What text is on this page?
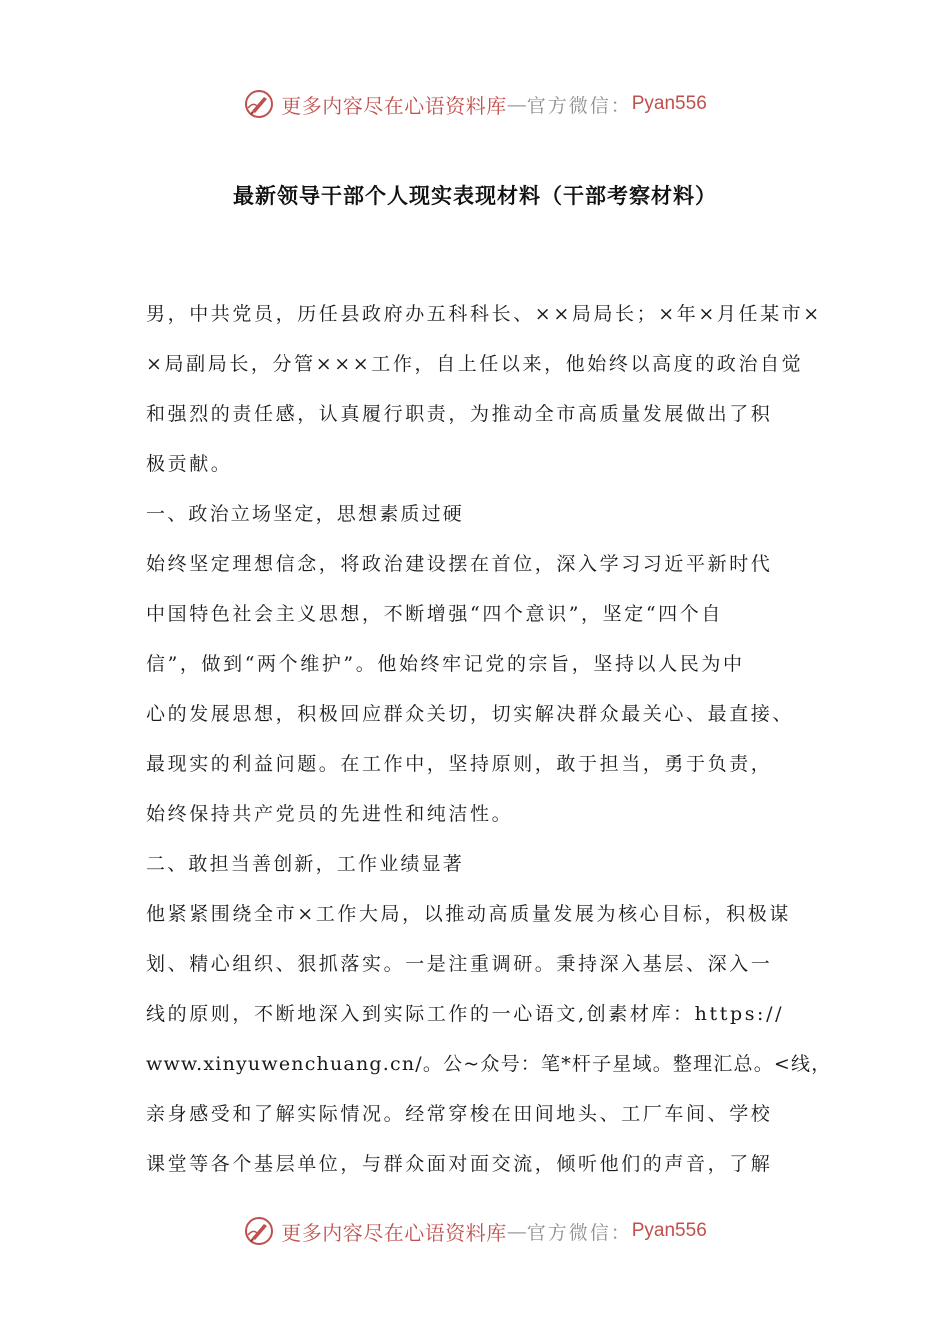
更多内容尽在心语资料库 — 官方微信： Pyan556
最新领导干部个人现实表现材料（干部考察材料）
男，中共党员，历任县政府办五科科长、××局局长；×年×月任某市×
×局副局长，分管×××工作，自上任以来，他始终以高度的政治自觉
和强烈的责任感，认真履行职责，为推动全市高质量发展做出了积
极贡献。
一、政治立场坚定，思想素质过硬
始终坚定理想信念，将政治建设摆在首位，深入学习习近平新时代
中国特色社会主义思想，不断增强“四个意识”，坚定“四个自
信”，做到“两个维护”。他始终牢记党的宗旨，坚持以人民为中
心的发展思想，积极回应群众关切，切实解决群众最关心、最直接、
最现实的利益问题。在工作中，坚持原则，敢于担当，勇于负责，
始终保持共产党员的先进性和纯洁性。
二、敢担当善创新，工作业绩显著
他紧紧围绕全市×工作大局，以推动高质量发展为核心目标，积极谋
划、精心组织、狠抓落实。一是注重调研。秉持深入基层、深入一
线的原则，不断地深入到实际工作的一心语文,创素材库：https://
www.xinyuwenchuang.cn/。公~众号：笔*杆子星域。整理汇总。<线，
亲身感受和了解实际情况。经常穿梭在田间地头、工厂车间、学校
课堂等各个基层单位，与群众面对面交流，倾听他们的声音，了解
更多内容尽在心语资料库 — 官方微信： Pyan556
